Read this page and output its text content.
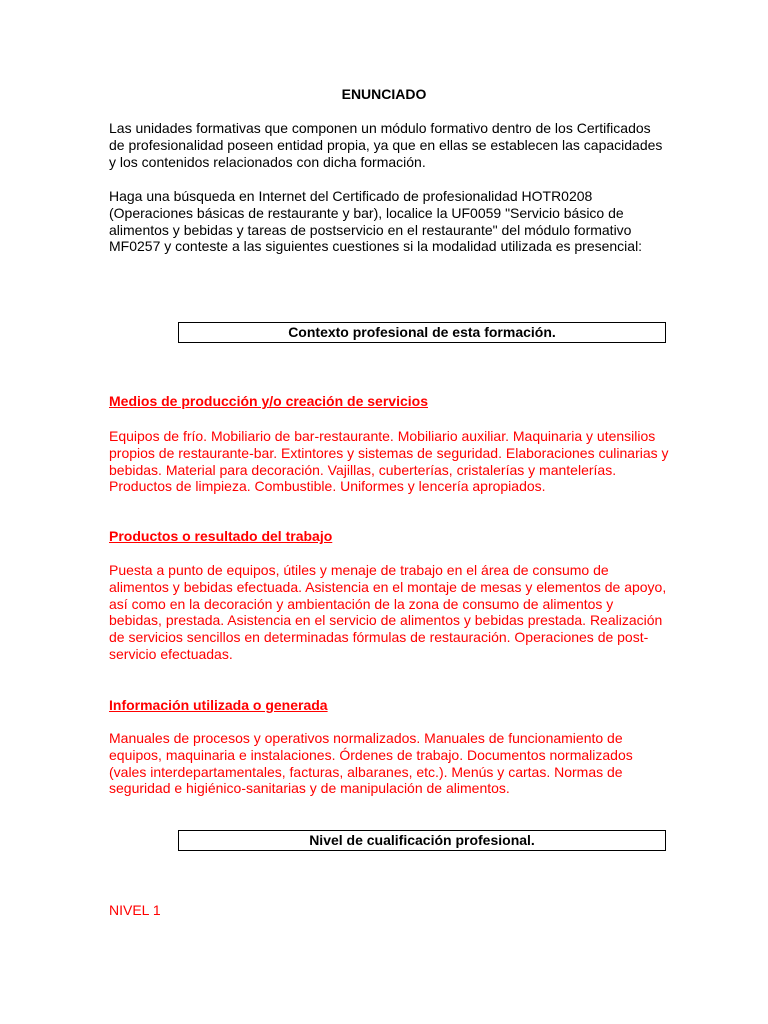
ENUNCIADO

Las unidades formativas que componen un módulo formativo dentro de los Certificados de profesionalidad poseen entidad propia, ya que en ellas se establecen las capacidades y los contenidos relacionados con dicha formación.

Haga una búsqueda en Internet del Certificado de profesionalidad HOTR0208 (Operaciones básicas de restaurante y bar), localice la UF0059 "Servicio básico de alimentos y bebidas y tareas de postservicio en el restaurante" del módulo formativo MF0257 y conteste a las siguientes cuestiones si la modalidad utilizada es presencial:

Contexto profesional de esta formación.

Medios de producción y/o creación de servicios

Equipos de frío. Mobiliario de bar-restaurante. Mobiliario auxiliar. Maquinaria y utensilios propios de restaurante-bar. Extintores y sistemas de seguridad. Elaboraciones culinarias y bebidas. Material para decoración. Vajillas, cuberterías, cristalerías y mantelerías. Productos de limpieza. Combustible. Uniformes y lencería apropiados.

Productos o resultado del trabajo

Puesta a punto de equipos, útiles y menaje de trabajo en el área de consumo de alimentos y bebidas efectuada. Asistencia en el montaje de mesas y elementos de apoyo, así como en la decoración y ambientación de la zona de consumo de alimentos y bebidas, prestada. Asistencia en el servicio de alimentos y bebidas prestada. Realización de servicios sencillos en determinadas fórmulas de restauración. Operaciones de post- servicio efectuadas.

Información utilizada o generada

Manuales de procesos y operativos normalizados. Manuales de funcionamiento de equipos, maquinaria e instalaciones. Órdenes de trabajo. Documentos normalizados (vales interdepartamentales, facturas, albaranes, etc.). Menús y cartas. Normas de seguridad e higiénico-sanitarias y de manipulación de alimentos.

Nivel de cualificación profesional.

NIVEL 1
